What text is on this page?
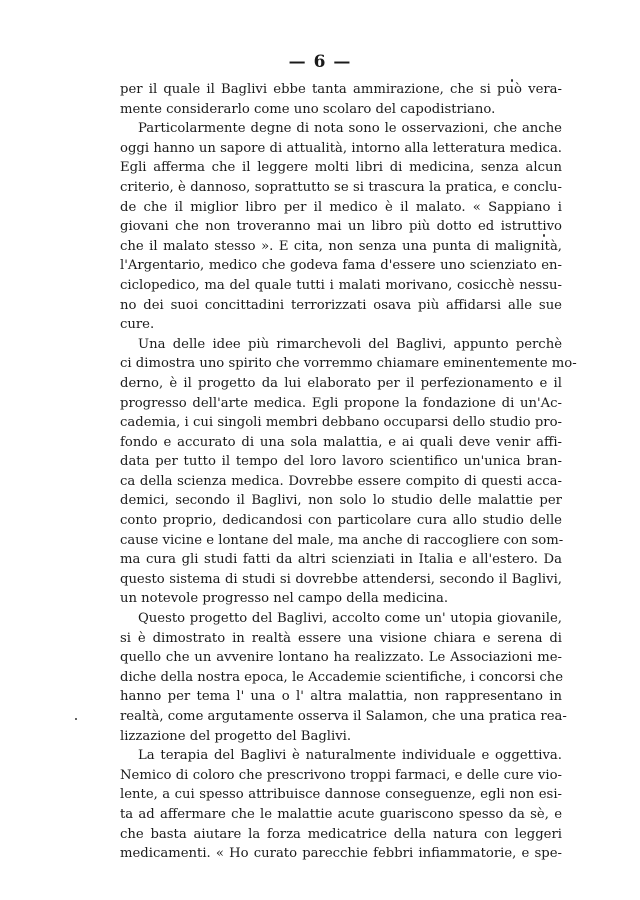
— 6 —
per il quale il Baglivi ebbe tanta ammirazione, che si può vera-
mente considerarlo come uno scolaro del capodistriano.
Particolarmente degne di nota sono le osservazioni, che anche
oggi hanno un sapore di attualità, intorno alla letteratura medica.
Egli afferma che il leggere molti libri di medicina, senza alcun
criterio, è dannoso, soprattutto se si trascura la pratica, e conclu-
de che il miglior libro per il medico è il malato. « Sappiano i
giovani che non troveranno mai un libro più dotto ed istruttivo
che il malato stesso ». E cita, non senza una punta di malignità,
l'Argentario, medico che godeva fama d'essere uno scienziato en-
ciclopedico, ma del quale tutti i malati morivano, cosicchè nessu-
no dei suoi concittadini terrorizzati osava più affidarsi alle sue
cure.
Una delle idee più rimarchevoli del Baglivi, appunto perchè
ci dimostra uno spirito che vorremmo chiamare eminentemente mo-
derno, è il progetto da lui elaborato per il perfezionamento e il
progresso dell'arte medica. Egli propone la fondazione di un'Ac-
cademia, i cui singoli membri debbano occuparsi dello studio pro-
fondo e accurato di una sola malattia, e ai quali deve venir affi-
data per tutto il tempo del loro lavoro scientifico un'unica bran-
ca della scienza medica. Dovrebbe essere compito di questi acca-
demici, secondo il Baglivi, non solo lo studio delle malattie per
conto proprio, dedicandosi con particolare cura allo studio delle
cause vicine e lontane del male, ma anche di raccogliere con som-
ma cura gli studi fatti da altri scienziati in Italia e all'estero. Da
questo sistema di studi si dovrebbe attendersi, secondo il Baglivi,
un notevole progresso nel campo della medicina.
Questo progetto del Baglivi, accolto come un' utopia giovanile,
si è dimostrato in realtà essere una visione chiara e serena di
quello che un avvenire lontano ha realizzato. Le Associazioni me-
diche della nostra epoca, le Accademie scientifiche, i concorsi che
hanno per tema l' una o l' altra malattia, non rappresentano in
realtà, come argutamente osserva il Salamon, che una pratica rea-
lizzazione del progetto del Baglivi.
La terapia del Baglivi è naturalmente individuale e oggettiva.
Nemico di coloro che prescrivono troppi farmaci, e delle cure vio-
lente, a cui spesso attribuisce dannose conseguenze, egli non esi-
ta ad affermare che le malattie acute guariscono spesso da sè, e
che basta aiutare la forza medicatrice della natura con leggeri
medicamenti. « Ho curato parecchie febbri infiammatorie, e spe-
